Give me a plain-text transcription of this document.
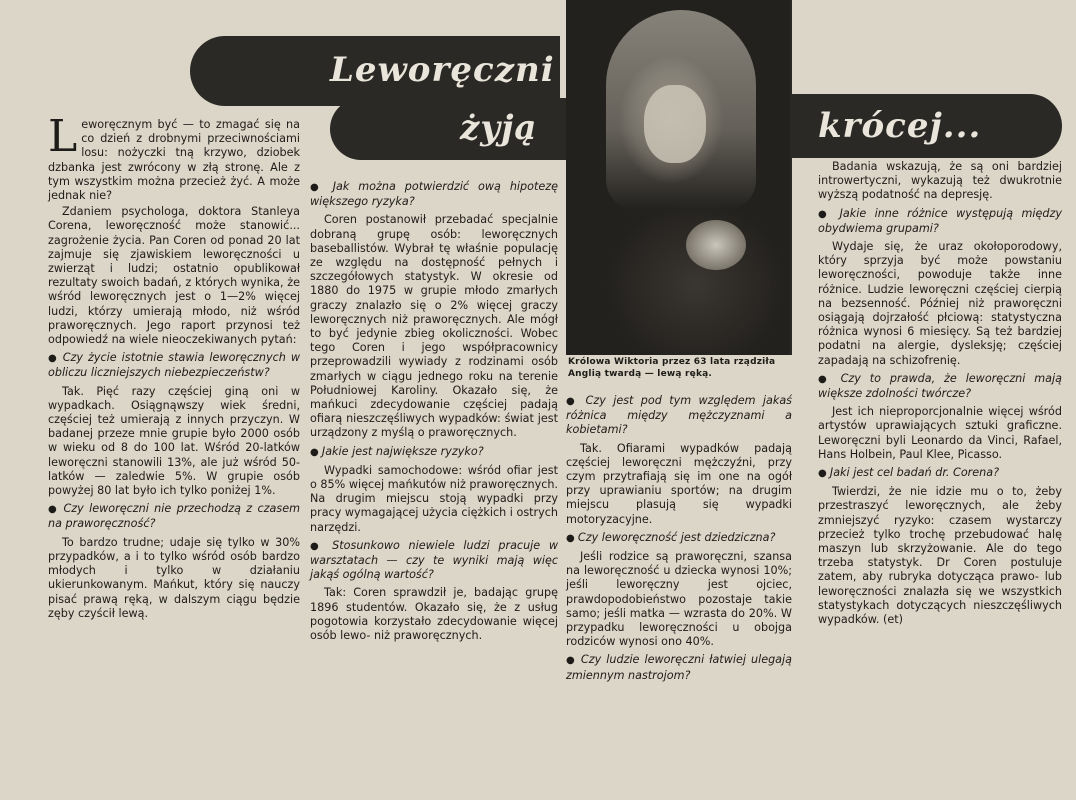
Leworęczni
żyją	krócej...
Królowa Wiktoria przez 63 lata rządziła Anglią twardą — lewą ręką.

Leworęcznym być — to zmagać się na co dzień z drobnymi przeciwnościami losu: nożyczki tną krzywo, dziobek dzbanka jest zwrócony w złą stronę. Ale z tym wszystkim można przecież żyć. A może jednak nie?

Zdaniem psychologa, doktora Stanleya Corena, leworęczność może stanowić... zagrożenie życia. Pan Coren od ponad 20 lat zajmuje się zjawiskiem leworęczności u zwierząt i ludzi; ostatnio opublikował rezultaty swoich badań, z których wynika, że wśród leworęcznych jest o 1—2% więcej ludzi, którzy umierają młodo, niż wśród praworęcznych. Jego raport przynosi też odpowiedź na wiele nieoczekiwanych pytań:

● Czy życie istotnie stawia leworęcznych w obliczu liczniejszych niebezpieczeństw?

Tak. Pięć razy częściej giną oni w wypadkach. Osiągnąwszy wiek średni, częściej też umierają z innych przyczyn. W badanej przeze mnie grupie było 2000 osób w wieku od 8 do 100 lat. Wśród 20-latków leworęczni stanowili 13%, ale już wśród 50-latków — zaledwie 5%. W grupie osób powyżej 80 lat było ich tylko poniżej 1%.

● Czy leworęczni nie przechodzą z czasem na praworęczność?

To bardzo trudne; udaje się tylko w 30% przypadków, a i to tylko wśród osób bardzo młodych i tylko w działaniu ukierunkowanym. Mańkut, który się nauczy pisać prawą ręką, w dalszym ciągu będzie zęby czyścił lewą.

● Jak można potwierdzić ową hipotezę większego ryzyka?

Coren postanowił przebadać specjalnie dobraną grupę osób: leworęcznych baseballistów. Wybrał tę właśnie populację ze względu na dostępność pełnych i szczegółowych statystyk. W okresie od 1880 do 1975 w grupie młodo zmarłych graczy znalazło się o 2% więcej graczy leworęcznych niż praworęcznych. Ale mógł to być jedynie zbieg okoliczności. Wobec tego Coren i jego współpracownicy przeprowadzili wywiady z rodzinami osób zmarłych w ciągu jednego roku na terenie Południowej Karoliny. Okazało się, że mańkuci zdecydowanie częściej padają ofiarą nieszczęśliwych wypadków: świat jest urządzony z myślą o praworęcznych.

● Jakie jest największe ryzyko?

Wypadki samochodowe: wśród ofiar jest o 85% więcej mańkutów niż praworęcznych. Na drugim miejscu stoją wypadki przy pracy wymagającej użycia ciężkich i ostrych narzędzi.

● Stosunkowo niewiele ludzi pracuje w warsztatach — czy te wyniki mają więc jakąś ogólną wartość?

Tak: Coren sprawdził je, badając grupę 1896 studentów. Okazało się, że z usług pogotowia korzystało zdecydowanie więcej osób lewo- niż praworęcznych.

● Czy jest pod tym względem jakaś różnica między mężczyznami a kobietami?

Tak. Ofiarami wypadków padają częściej leworęczni mężczyźni, przy czym przytrafiają się im one na ogół przy uprawianiu sportów; na drugim miejscu plasują się wypadki motoryzacyjne.

● Czy leworęczność jest dziedziczna?

Jeśli rodzice są praworęczni, szansa na leworęczność u dziecka wynosi 10%; jeśli leworęczny jest ojciec, prawdopodobieństwo pozostaje takie samo; jeśli matka — wzrasta do 20%. W przypadku leworęczności u obojga rodziców wynosi ono 40%.

● Czy ludzie leworęczni łatwiej ulegają zmiennym nastrojom?

Badania wskazują, że są oni bardziej introwertyczni, wykazują też dwukrotnie wyższą podatność na depresję.

● Jakie inne różnice występują między obydwiema grupami?

Wydaje się, że uraz okołoporodowy, który sprzyja być może powstaniu leworęczności, powoduje także inne różnice. Ludzie leworęczni częściej cierpią na bezsenność. Później niż praworęczni osiągają dojrzałość płciową: statystyczna różnica wynosi 6 miesięcy. Są też bardziej podatni na alergie, dysleksję; częściej zapadają na schizofrenię.

● Czy to prawda, że leworęczni mają większe zdolności twórcze?

Jest ich nieproporcjonalnie więcej wśród artystów uprawiających sztuki graficzne. Leworęczni byli Leonardo da Vinci, Rafael, Hans Holbein, Paul Klee, Picasso.

● Jaki jest cel badań dr. Corena?

Twierdzi, że nie idzie mu o to, żeby przestraszyć leworęcznych, ale żeby zmniejszyć ryzyko: czasem wystarczy przecież tylko trochę przebudować halę maszyn lub skrzyżowanie. Ale do tego trzeba statystyk. Dr Coren postuluje zatem, aby rubryka dotycząca prawo- lub leworęczności znalazła się we wszystkich statystykach dotyczących nieszczęśliwych wypadków. (et)
